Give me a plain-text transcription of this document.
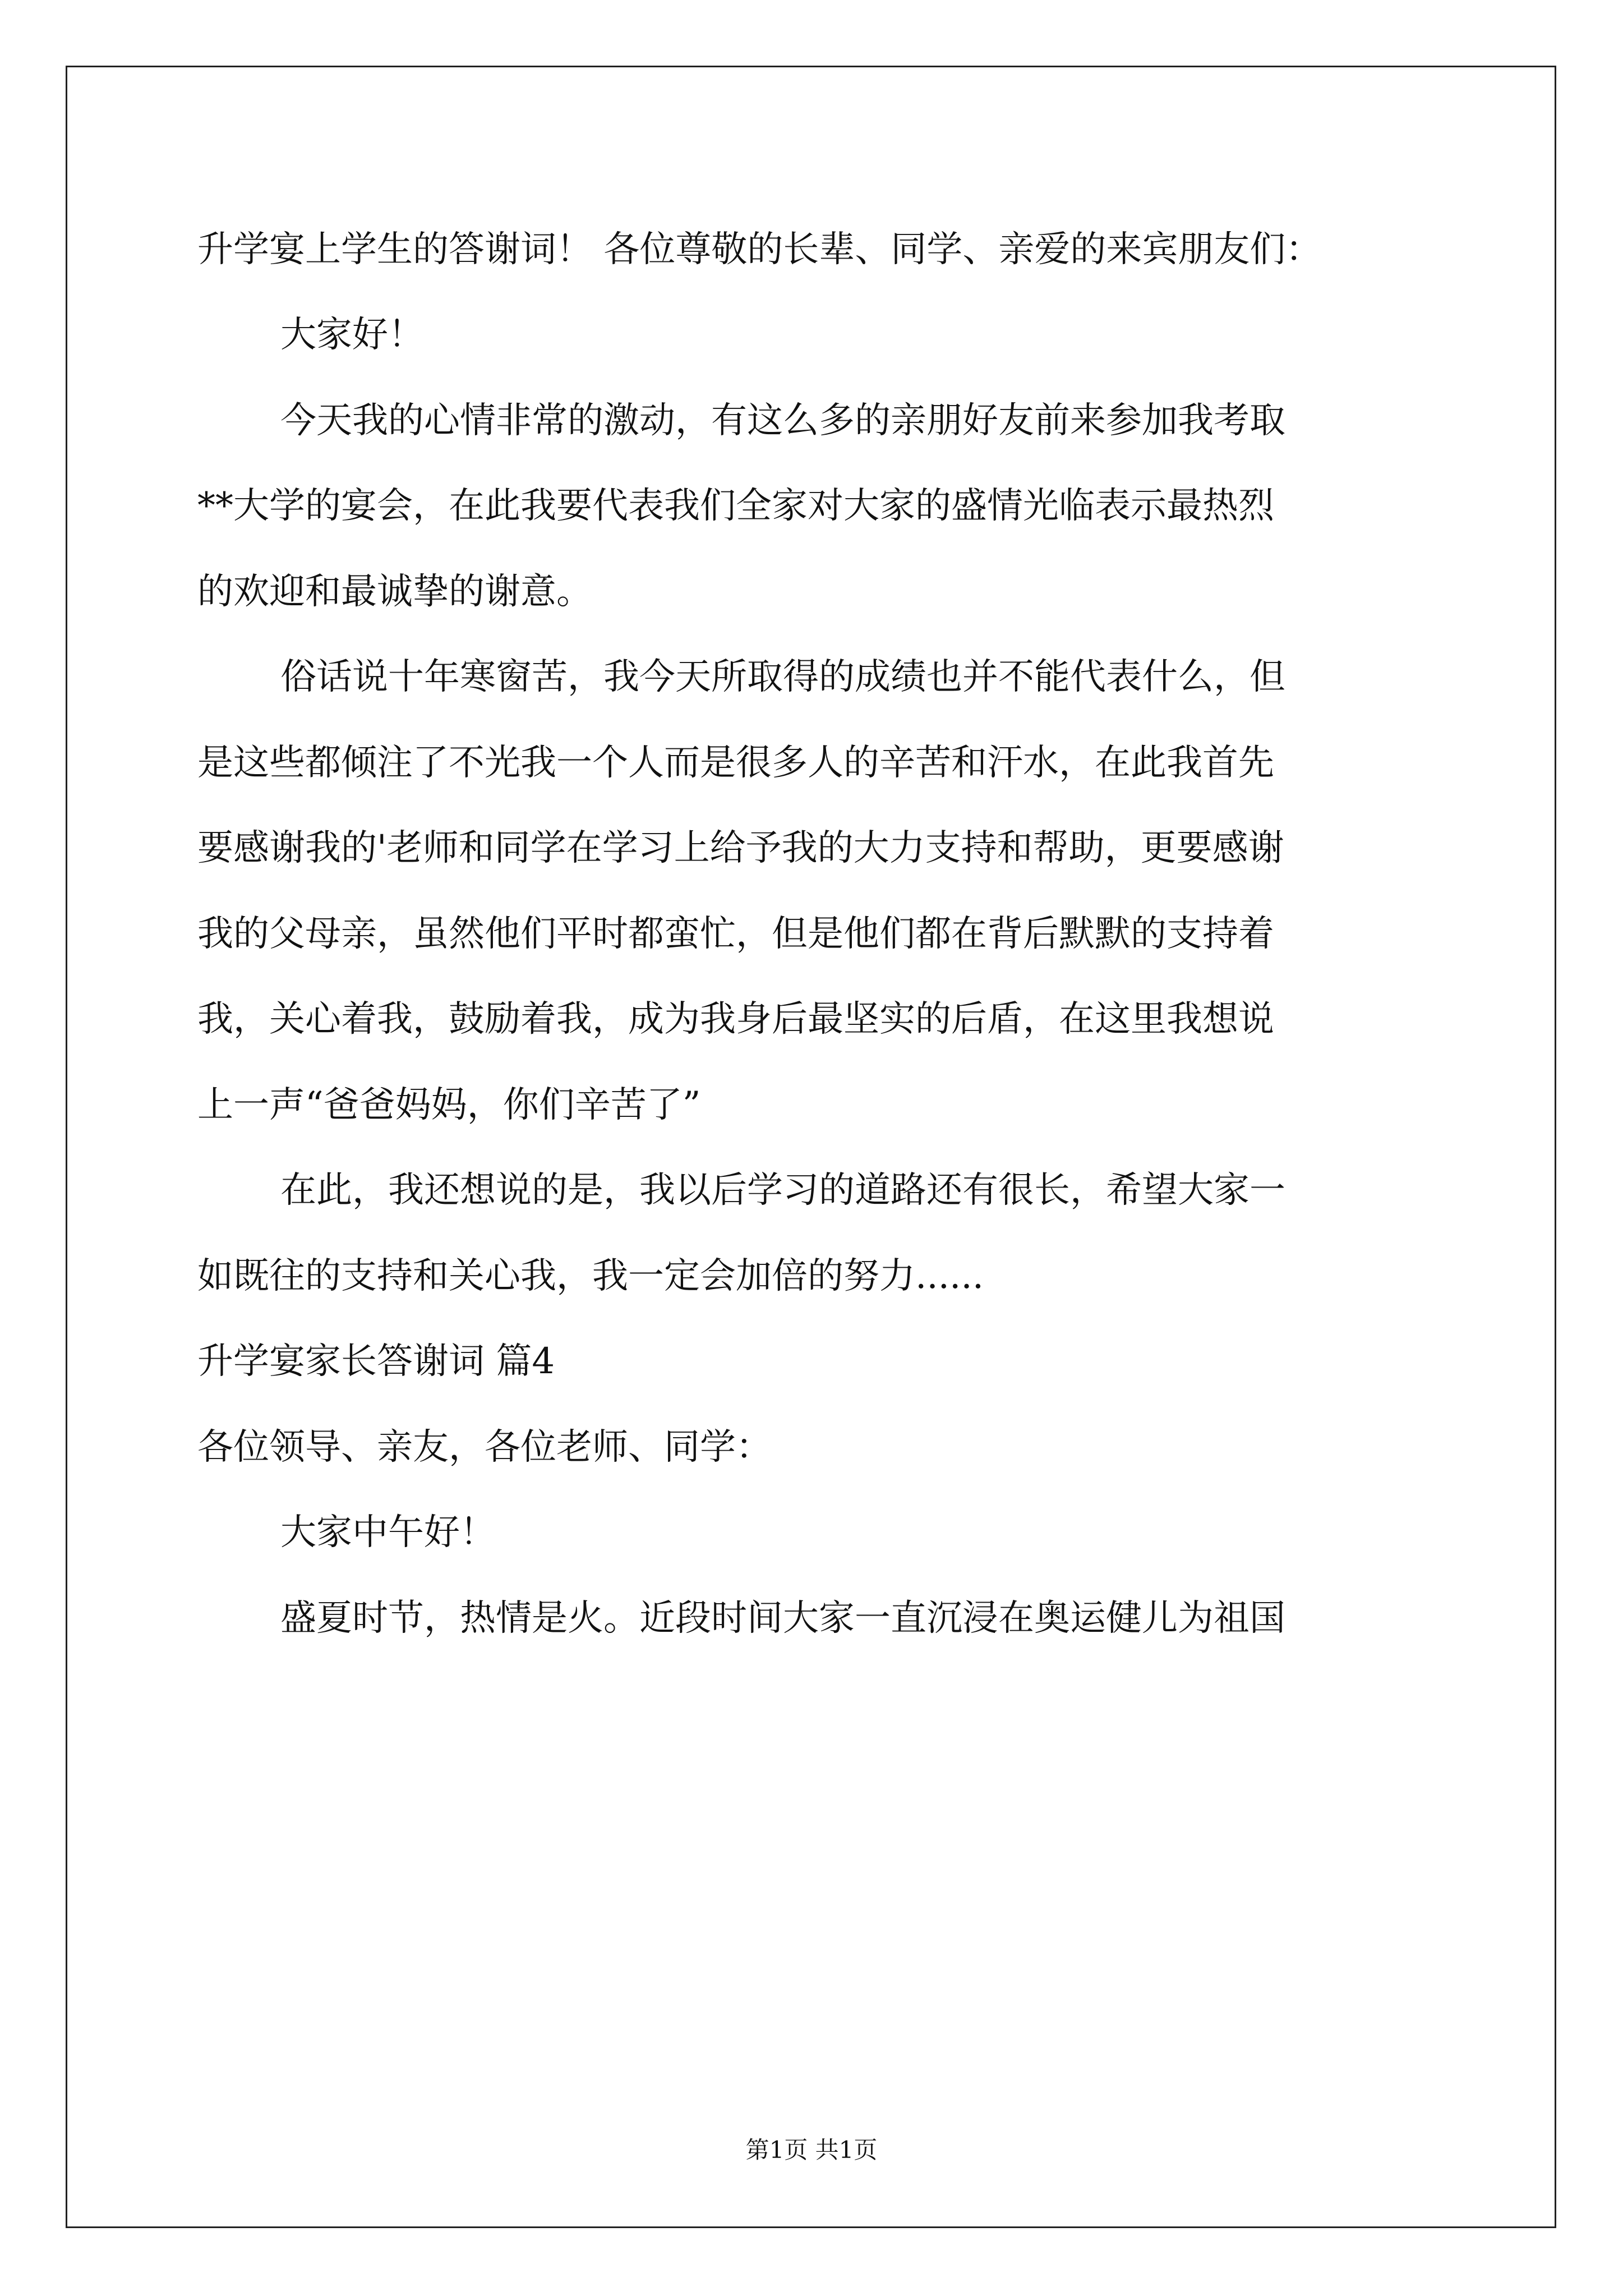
升学宴上学生的答谢词！ 各位尊敬的长辈、同学、亲爱的来宾朋友们：
大家好！
今天我的心情非常的激动，有这么多的亲朋好友前来参加我考取
**大学的宴会，在此我要代表我们全家对大家的盛情光临表示最热烈
的欢迎和最诚挚的谢意。
俗话说十年寒窗苦，我今天所取得的成绩也并不能代表什么，但
是这些都倾注了不光我一个人而是很多人的辛苦和汗水，在此我首先
要感谢我的'老师和同学在学习上给予我的大力支持和帮助，更要感谢
我的父母亲，虽然他们平时都蛮忙，但是他们都在背后默默的支持着
我，关心着我，鼓励着我，成为我身后最坚实的后盾，在这里我想说
上一声“爸爸妈妈，你们辛苦了”
在此，我还想说的是，我以后学习的道路还有很长，希望大家一
如既往的支持和关心我，我一定会加倍的努力......
升学宴家长答谢词 篇4
各位领导、亲友，各位老师、同学：
大家中午好！
盛夏时节，热情是火。近段时间大家一直沉浸在奥运健儿为祖国
第1页 共1页
